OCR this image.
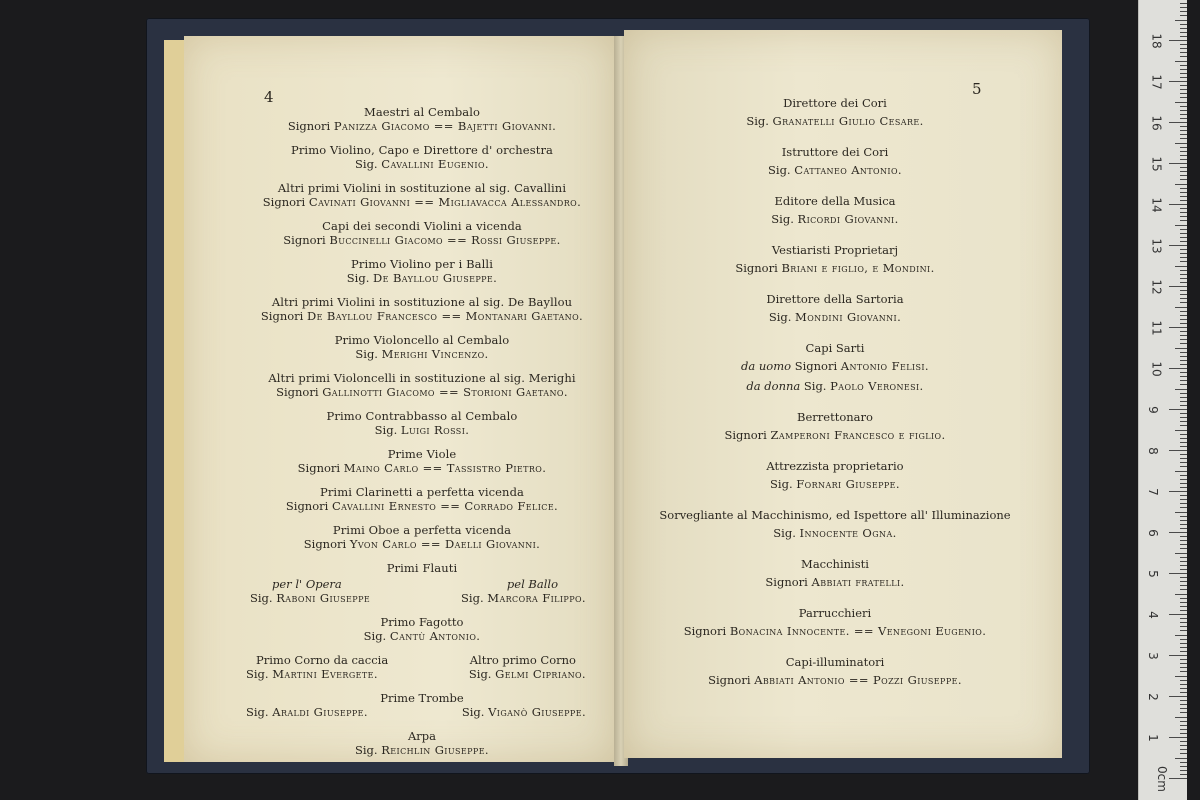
4
Maestri al Cembalo
Signori Panizza Giacomo == Bajetti Giovanni.
Primo Violino, Capo e Direttore d' orchestra
Sig. Cavallini Eugenio.
Altri primi Violini in sostituzione al sig. Cavallini
Signori Cavinati Giovanni == Migliavacca Alessandro.
Capi dei secondi Violini a vicenda
Signori Buccinelli Giacomo == Rossi Giuseppe.
Primo Violino per i Balli
Sig. De Bayllou Giuseppe.
Altri primi Violini in sostituzione al sig. De Bayllou
Signori De Bayllou Francesco == Montanari Gaetano.
Primo Violoncello al Cembalo
Sig. Merighi Vincenzo.
Altri primi Violoncelli in sostituzione al sig. Merighi
Signori Gallinotti Giacomo == Storioni Gaetano.
Primo Contrabbasso al Cembalo
Sig. Luigi Rossi.
Prime Viole
Signori Maino Carlo == Tassistro Pietro.
Primi Clarinetti a perfetta vicenda
Signori Cavallini Ernesto == Corrado Felice.
Primi Oboe a perfetta vicenda
Signori Yvon Carlo == Daelli Giovanni.
Primi Flauti
per l' Opera	pel Ballo
Sig. Raboni Giuseppe	Sig. Marcora Filippo.
Primo Fagotto
Sig. Cantù Antonio.
Primo Corno da caccia	Altro primo Corno
Sig. Martini Evergete.	Sig. Gelmi Cipriano.
Prime Trombe
Sig. Araldi Giuseppe.	Sig. Viganò Giuseppe.
Arpa
Sig. Reichlin Giuseppe.
5
Direttore dei Cori
Sig. Granatelli Giulio Cesare.
Istruttore dei Cori
Sig. Cattaneo Antonio.
Editore della Musica
Sig. Ricordi Giovanni.
Vestiaristi Proprietarj
Signori Briani e figlio, e Mondini.
Direttore della Sartoria
Sig. Mondini Giovanni.
Capi Sarti
da uomo Signori Antonio Felisi.
da donna Sig. Paolo Veronesi.
Berrettonaro
Signori Zamperoni Francesco e figlio.
Attrezzista proprietario
Sig. Fornari Giuseppe.
Sorvegliante al Macchinismo, ed Ispettore all' Illuminazione
Sig. Innocente Ogna.
Macchinisti
Signori Abbiati fratelli.
Parrucchieri
Signori Bonacina Innocente. == Venegoni Eugenio.
Capi-illuminatori
Signori Abbiati Antonio == Pozzi Giuseppe.
0cm
1
2
3
4
5
6
7
8
9
10
11
12
13
14
15
16
17
18
